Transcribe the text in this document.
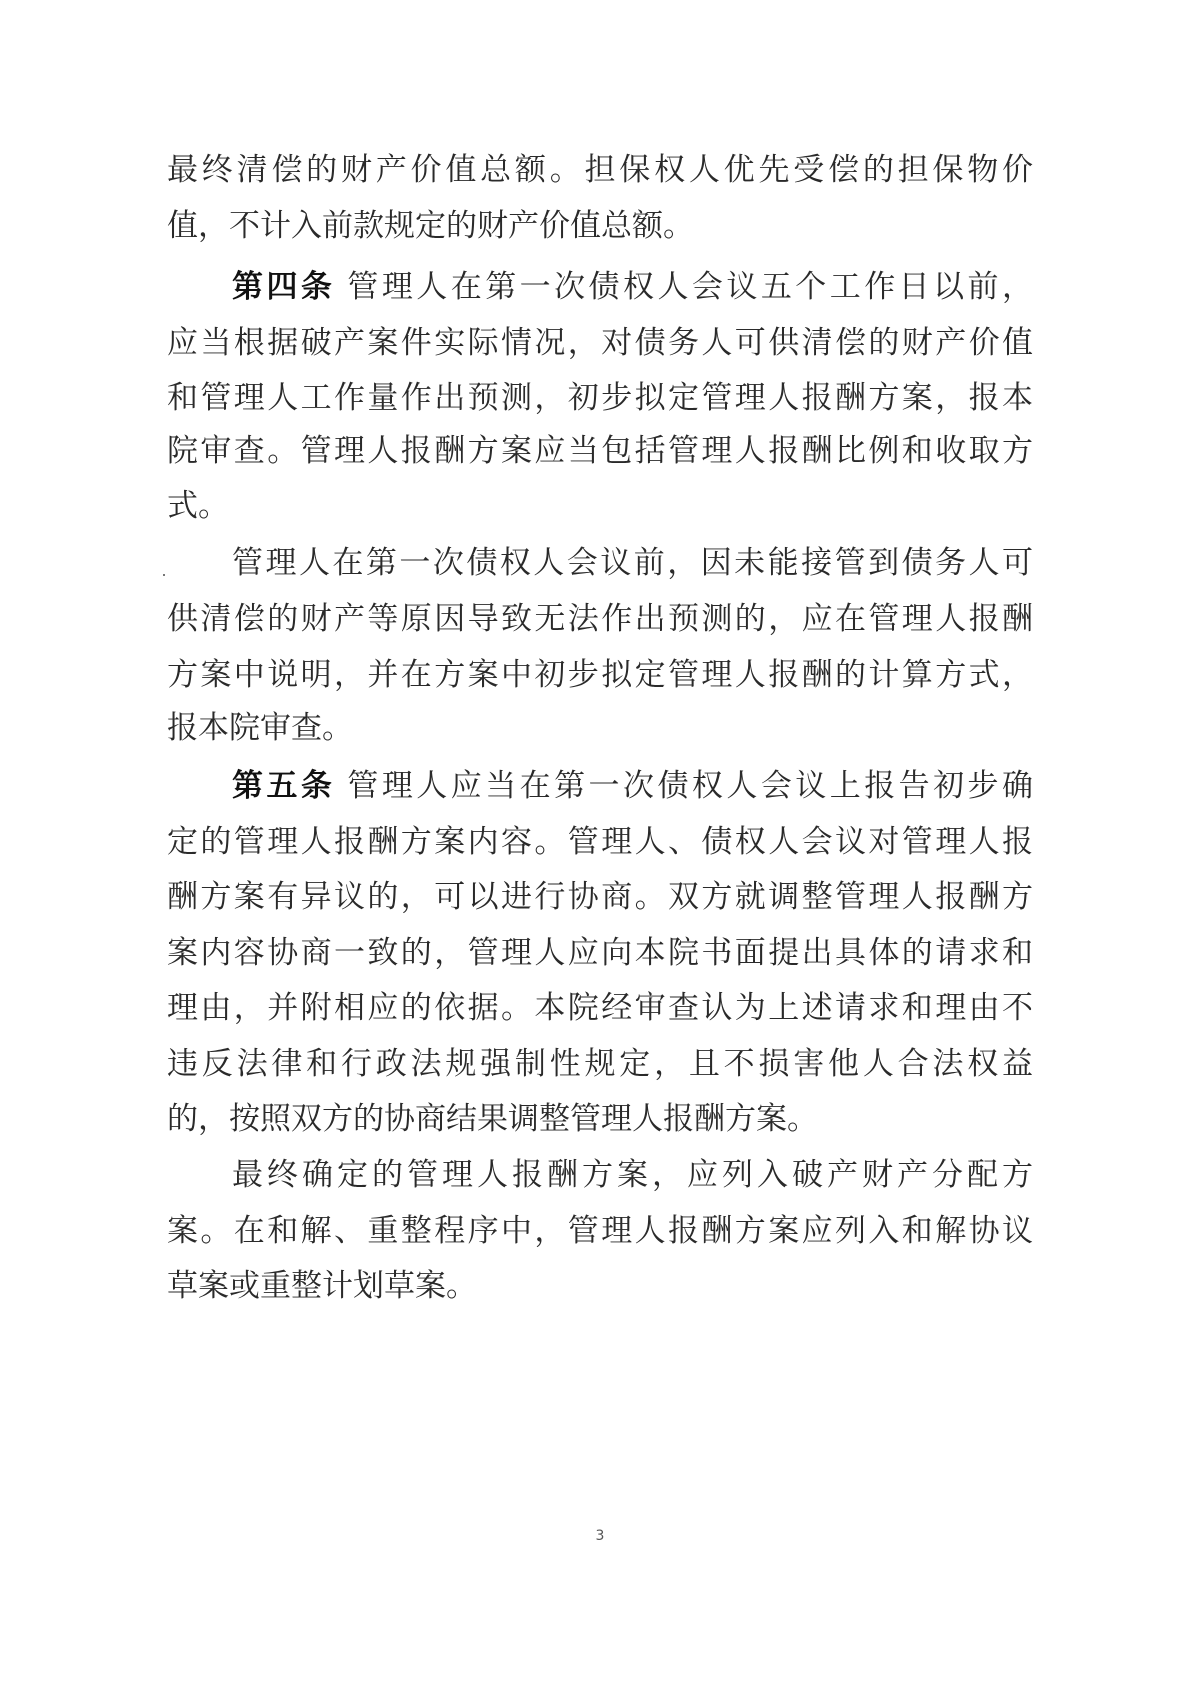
最终清偿的财产价值总额。担保权人优先受偿的担保物价
值，不计入前款规定的财产价值总额。
第四条 管理人在第一次债权人会议五个工作日以前，
应当根据破产案件实际情况，对债务人可供清偿的财产价值
和管理人工作量作出预测，初步拟定管理人报酬方案，报本
院审查。管理人报酬方案应当包括管理人报酬比例和收取方
式。
管理人在第一次债权人会议前，因未能接管到债务人可
供清偿的财产等原因导致无法作出预测的，应在管理人报酬
方案中说明，并在方案中初步拟定管理人报酬的计算方式，
报本院审查。
第五条 管理人应当在第一次债权人会议上报告初步确
定的管理人报酬方案内容。管理人、债权人会议对管理人报
酬方案有异议的，可以进行协商。双方就调整管理人报酬方
案内容协商一致的，管理人应向本院书面提出具体的请求和
理由，并附相应的依据。本院经审查认为上述请求和理由不
违反法律和行政法规强制性规定，且不损害他人合法权益
的，按照双方的协商结果调整管理人报酬方案。
最终确定的管理人报酬方案，应列入破产财产分配方
案。在和解、重整程序中，管理人报酬方案应列入和解协议
草案或重整计划草案。
3
